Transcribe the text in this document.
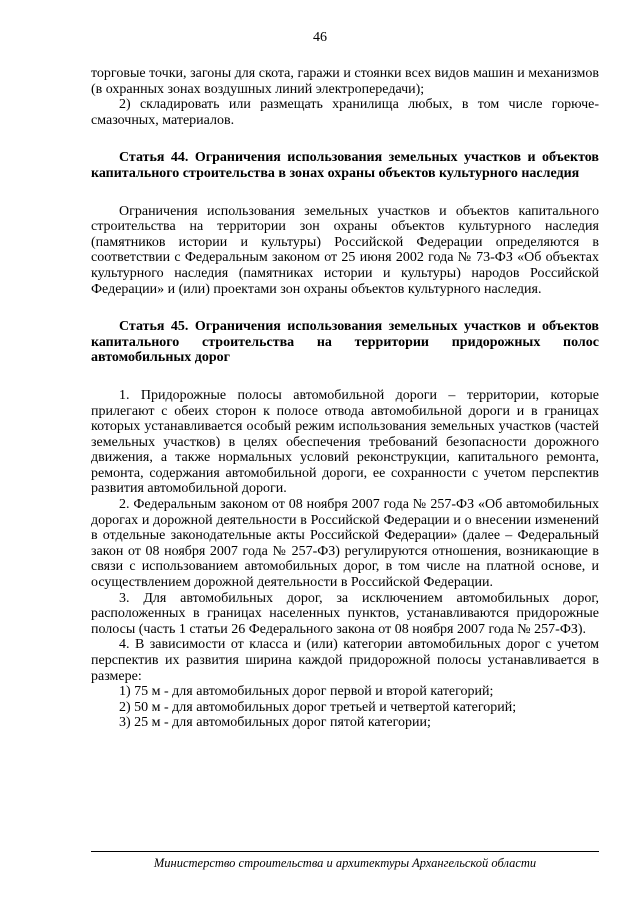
46

торговые точки, загоны для скота, гаражи и стоянки всех видов машин и механизмов (в охранных зонах воздушных линий электропередачи);

2) складировать или размещать хранилища любых, в том числе горюче-смазочных, материалов.

Статья 44. Ограничения использования земельных участков и объектов капитального строительства в зонах охраны объектов культурного наследия

Ограничения использования земельных участков и объектов капитального строительства на территории зон охраны объектов культурного наследия (памятников истории и культуры) Российской Федерации определяются в соответствии с Федеральным законом от 25 июня 2002 года № 73-ФЗ «Об объектах культурного наследия (памятниках истории и культуры) народов Российской Федерации» и (или) проектами зон охраны объектов культурного наследия.

Статья 45. Ограничения использования земельных участков и объектов капитального строительства на территории придорожных полос автомобильных дорог

1. Придорожные полосы автомобильной дороги – территории, которые прилегают с обеих сторон к полосе отвода автомобильной дороги и в границах которых устанавливается особый режим использования земельных участков (частей земельных участков) в целях обеспечения требований безопасности дорожного движения, а также нормальных условий реконструкции, капитального ремонта, ремонта, содержания автомобильной дороги, ее сохранности с учетом перспектив развития автомобильной дороги.

2. Федеральным законом от 08 ноября 2007 года № 257-ФЗ «Об автомобильных дорогах и дорожной деятельности в Российской Федерации и о внесении изменений в отдельные законодательные акты Российской Федерации» (далее – Федеральный закон от 08 ноября 2007 года № 257-ФЗ) регулируются отношения, возникающие в связи с использованием автомобильных дорог, в том числе на платной основе, и осуществлением дорожной деятельности в Российской Федерации.

3. Для автомобильных дорог, за исключением автомобильных дорог, расположенных в границах населенных пунктов, устанавливаются придорожные полосы (часть 1 статьи 26 Федерального закона от 08 ноября 2007 года № 257-ФЗ).

4. В зависимости от класса и (или) категории автомобильных дорог с учетом перспектив их развития ширина каждой придорожной полосы устанавливается в размере:

1) 75 м - для автомобильных дорог первой и второй категорий;

2) 50 м - для автомобильных дорог третьей и четвертой категорий;

3) 25 м - для автомобильных дорог пятой категории;

Министерство строительства и архитектуры Архангельской области
